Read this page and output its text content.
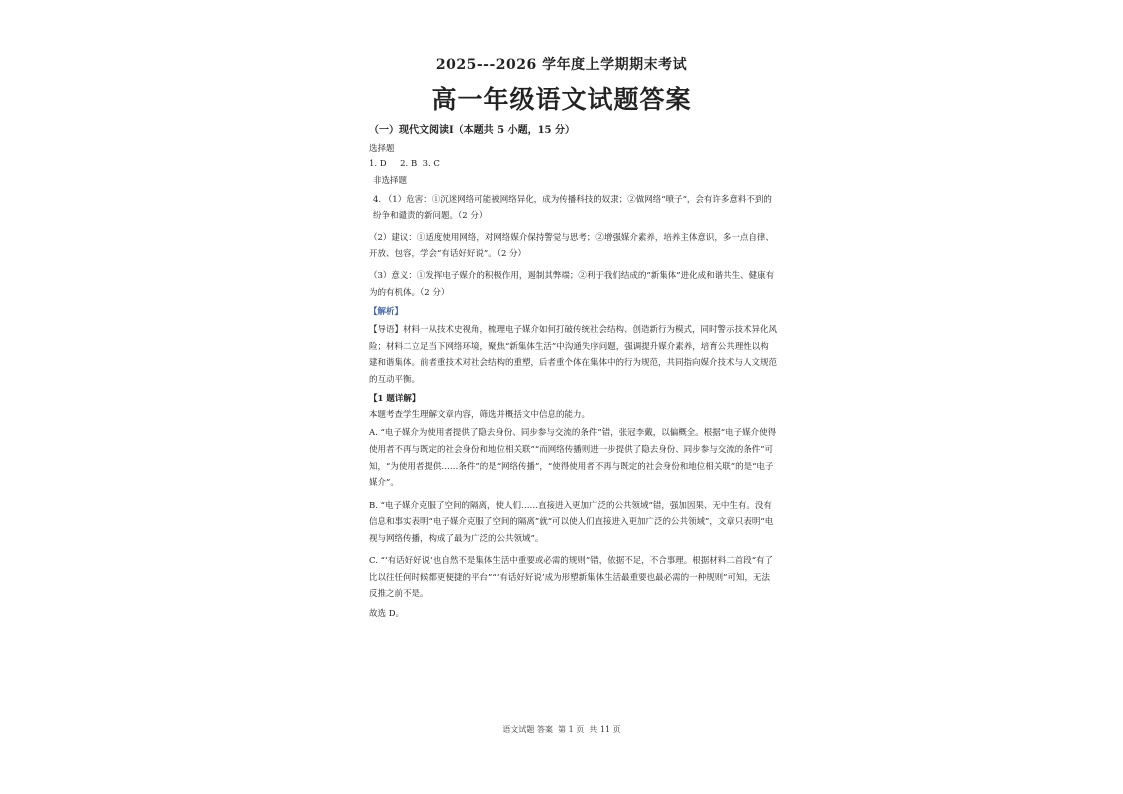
2025---2026 学年度上学期期末考试
高一年级语文试题答案
（一）现代文阅读Ⅰ（本题共 5 小题，15 分）
选择题
1. D     2. B  3. C
非选择题
4. （1）危害：①沉迷网络可能被网络异化，成为传播科技的奴隶；②做网络“喷子”，会有许多意料不到的纷争和谴责的新问题。（2 分）
（2）建议：①适度使用网络，对网络媒介保持警觉与思考；②增强媒介素养，培养主体意识，多一点自律、开放、包容，学会“有话好好说”。（2 分）
（3）意义：①发挥电子媒介的积极作用，遏制其弊端；②利于我们结成的“新集体”进化成和谐共生、健康有为的有机体。（2 分）
【解析】
【导语】材料一从技术史视角，梳理电子媒介如何打破传统社会结构、创造新行为模式，同时警示技术异化风险；材料二立足当下网络环境，聚焦“新集体生活”中沟通失序问题，强调提升媒介素养，培育公共理性以构建和谐集体。前者重技术对社会结构的重塑，后者重个体在集体中的行为规范，共同指向媒介技术与人文规范的互动平衡。
【1 题详解】
本题考查学生理解文章内容，筛选并概括文中信息的能力。
A. “电子媒介为使用者提供了隐去身份、同步参与交流的条件”错，张冠李戴，以偏概全。根据“电子媒介使得使用者不再与既定的社会身份和地位相关联”“而网络传播则进一步提供了隐去身份、同步参与交流的条件”可知，“为使用者提供……条件”的是“网络传播”，“使得使用者不再与既定的社会身份和地位相关联”的是“电子媒介”。
B. “电子媒介克服了空间的隔离，使人们……直接进入更加广泛的公共领域”错，强加因果、无中生有。没有信息和事实表明“电子媒介克服了空间的隔离”就“可以使人们直接进入更加广泛的公共领域”，文章只表明“电视与网络传播，构成了最为广泛的公共领域”。
C. “‘有话好好说’也自然不是集体生活中重要或必需的规则”错，依据不足，不合事理。根据材料二首段“有了比以往任何时候都更便捷的平台”“‘有话好好说’成为形塑新集体生活最重要也最必需的一种规则”可知，无法反推之前不是。
故选 D。
语文试题 答案  第 1 页  共 11 页
